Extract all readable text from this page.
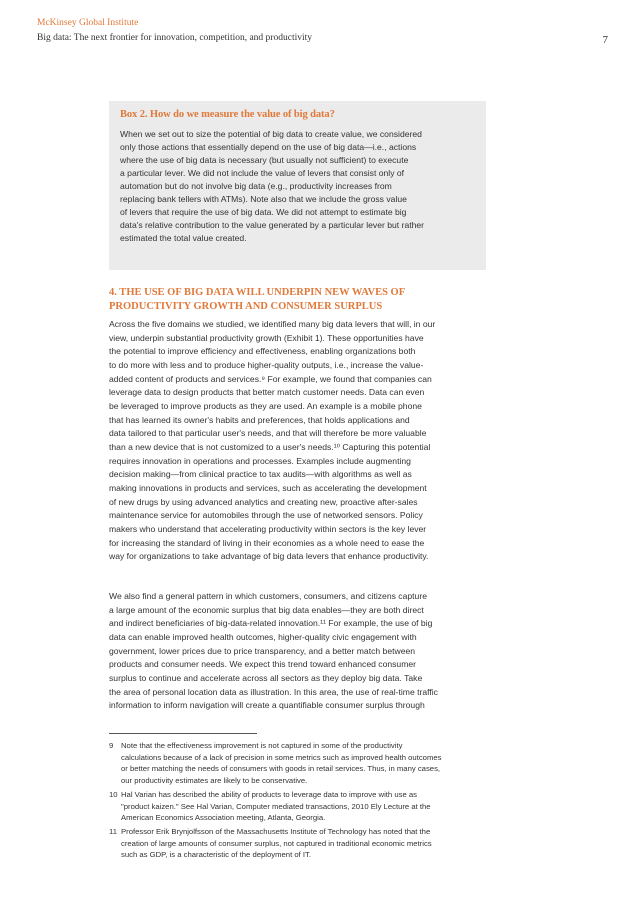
McKinsey Global Institute
Big data: The next frontier for innovation, competition, and productivity	7
Box 2. How do we measure the value of big data?
When we set out to size the potential of big data to create value, we considered
only those actions that essentially depend on the use of big data—i.e., actions
where the use of big data is necessary (but usually not sufficient) to execute
a particular lever. We did not include the value of levers that consist only of
automation but do not involve big data (e.g., productivity increases from
replacing bank tellers with ATMs). Note also that we include the gross value
of levers that require the use of big data. We did not attempt to estimate big
data's relative contribution to the value generated by a particular lever but rather
estimated the total value created.
4. THE USE OF BIG DATA WILL UNDERPIN NEW WAVES OF
PRODUCTIVITY GROWTH AND CONSUMER SURPLUS
Across the five domains we studied, we identified many big data levers that will, in our
view, underpin substantial productivity growth (Exhibit 1). These opportunities have
the potential to improve efficiency and effectiveness, enabling organizations both
to do more with less and to produce higher-quality outputs, i.e., increase the value-
added content of products and services.⁹ For example, we found that companies can
leverage data to design products that better match customer needs. Data can even
be leveraged to improve products as they are used. An example is a mobile phone
that has learned its owner's habits and preferences, that holds applications and
data tailored to that particular user's needs, and that will therefore be more valuable
than a new device that is not customized to a user's needs.¹⁰ Capturing this potential
requires innovation in operations and processes. Examples include augmenting
decision making—from clinical practice to tax audits—with algorithms as well as
making innovations in products and services, such as accelerating the development
of new drugs by using advanced analytics and creating new, proactive after-sales
maintenance service for automobiles through the use of networked sensors. Policy
makers who understand that accelerating productivity within sectors is the key lever
for increasing the standard of living in their economies as a whole need to ease the
way for organizations to take advantage of big data levers that enhance productivity.
We also find a general pattern in which customers, consumers, and citizens capture
a large amount of the economic surplus that big data enables—they are both direct
and indirect beneficiaries of big-data-related innovation.¹¹ For example, the use of big
data can enable improved health outcomes, higher-quality civic engagement with
government, lower prices due to price transparency, and a better match between
products and consumer needs. We expect this trend toward enhanced consumer
surplus to continue and accelerate across all sectors as they deploy big data. Take
the area of personal location data as illustration. In this area, the use of real-time traffic
information to inform navigation will create a quantifiable consumer surplus through
9 Note that the effectiveness improvement is not captured in some of the productivity
calculations because of a lack of precision in some metrics such as improved health outcomes
or better matching the needs of consumers with goods in retail services. Thus, in many cases,
our productivity estimates are likely to be conservative.
10 Hal Varian has described the ability of products to leverage data to improve with use as
"product kaizen." See Hal Varian, Computer mediated transactions, 2010 Ely Lecture at the
American Economics Association meeting, Atlanta, Georgia.
11 Professor Erik Brynjolfsson of the Massachusetts Institute of Technology has noted that the
creation of large amounts of consumer surplus, not captured in traditional economic metrics
such as GDP, is a characteristic of the deployment of IT.
